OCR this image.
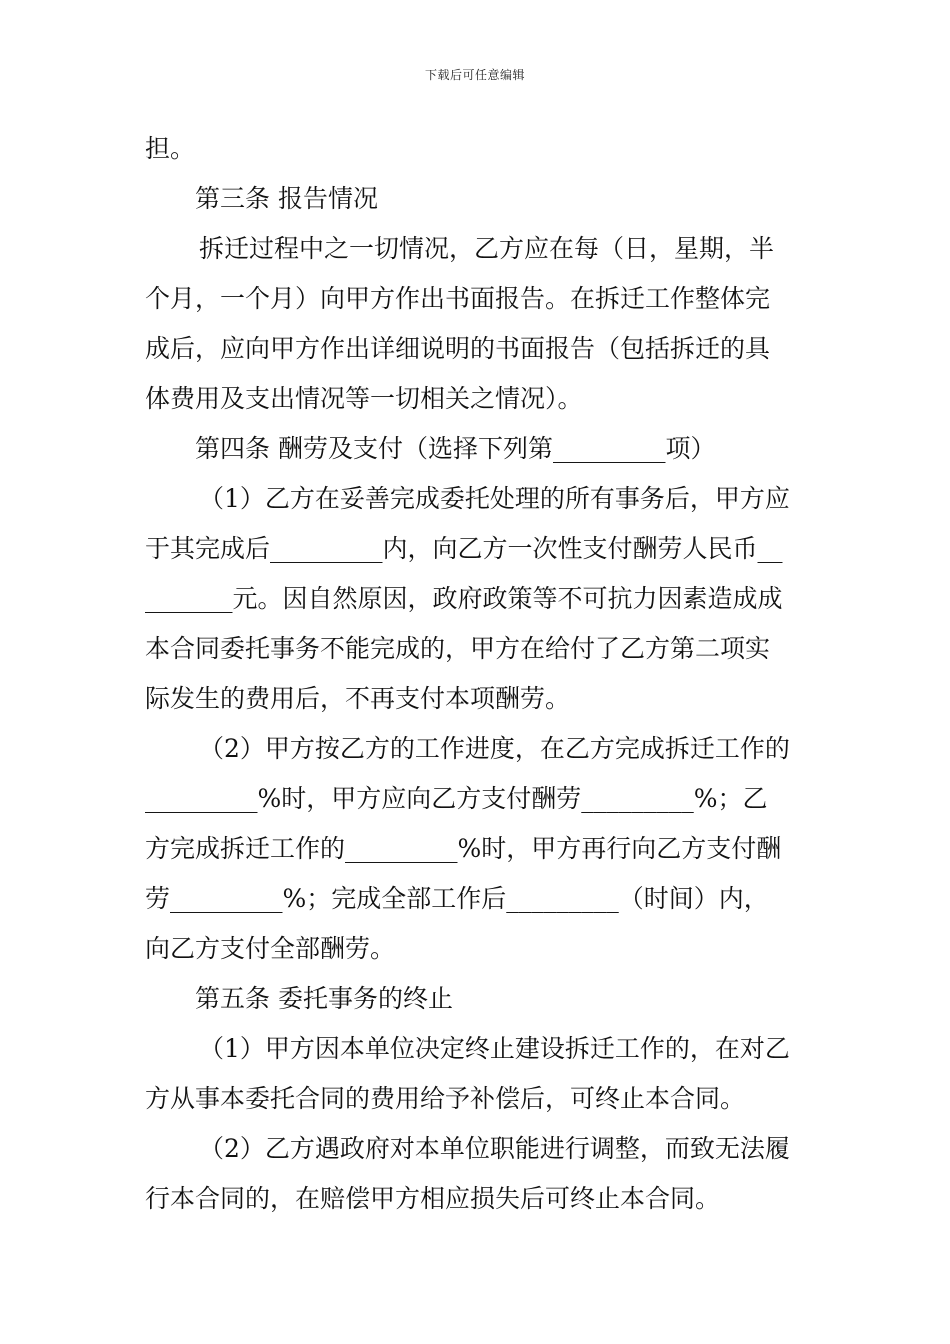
下载后可任意编辑
担。
第三条 报告情况
拆迁过程中之一切情况，乙方应在每（日，星期，半
个月，一个月）向甲方作出书面报告。在拆迁工作整体完
成后，应向甲方作出详细说明的书面报告（包括拆迁的具
体费用及支出情况等一切相关之情况）。
第四条 酬劳及支付（选择下列第_________项）
（1）乙方在妥善完成委托处理的所有事务后，甲方应
于其完成后_________内，向乙方一次性支付酬劳人民币__
_______元。因自然原因，政府政策等不可抗力因素造成成
本合同委托事务不能完成的，甲方在给付了乙方第二项实
际发生的费用后，不再支付本项酬劳。
（2）甲方按乙方的工作进度，在乙方完成拆迁工作的
_________%时，甲方应向乙方支付酬劳_________%；乙
方完成拆迁工作的_________%时，甲方再行向乙方支付酬
劳_________%；完成全部工作后_________（时间）内，
向乙方支付全部酬劳。
第五条 委托事务的终止
（1）甲方因本单位决定终止建设拆迁工作的，在对乙
方从事本委托合同的费用给予补偿后，可终止本合同。
（2）乙方遇政府对本单位职能进行调整，而致无法履
行本合同的，在赔偿甲方相应损失后可终止本合同。
